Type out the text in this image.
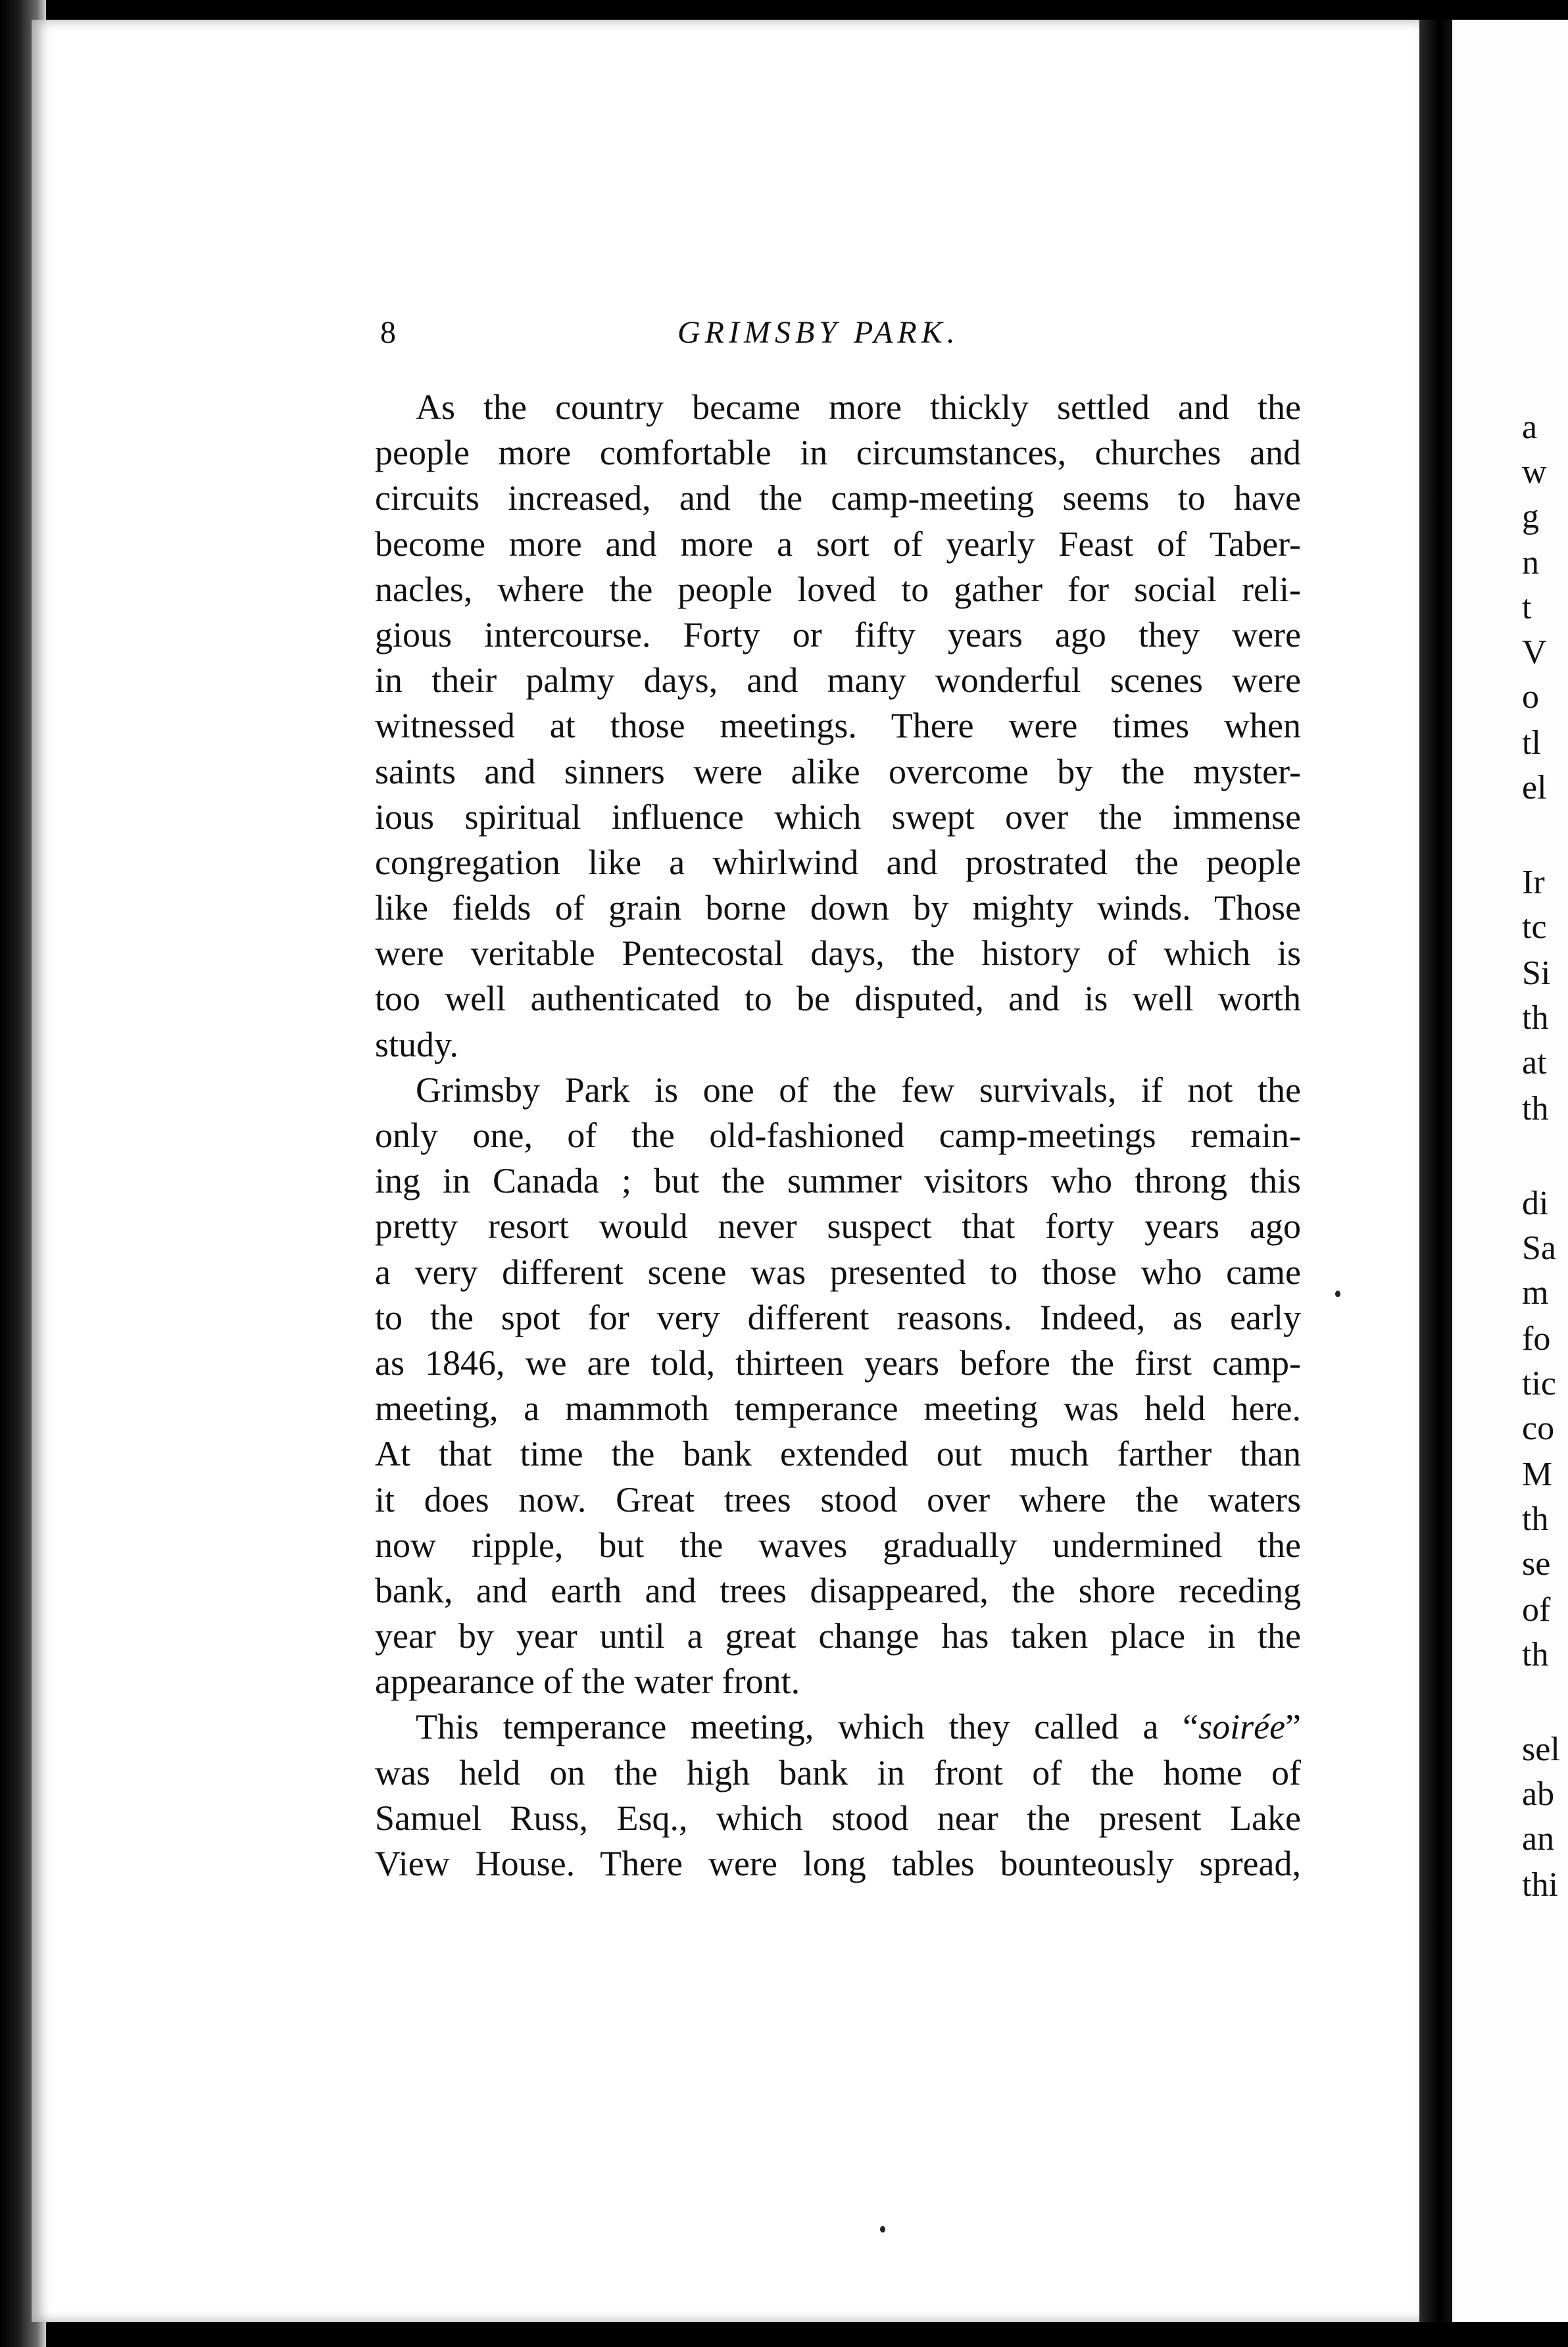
8	GRIMSBY PARK.
As the country became more thickly settled and the
people more comfortable in circumstances, churches and
circuits increased, and the camp-meeting seems to have
become more and more a sort of yearly Feast of Taber-
nacles, where the people loved to gather for social reli-
gious intercourse. Forty or fifty years ago they were
in their palmy days, and many wonderful scenes were
witnessed at those meetings. There were times when
saints and sinners were alike overcome by the myster-
ious spiritual influence which swept over the immense
congregation like a whirlwind and prostrated the people
like fields of grain borne down by mighty winds. Those
were veritable Pentecostal days, the history of which is
too well authenticated to be disputed, and is well worth
study.
Grimsby Park is one of the few survivals, if not the
only one, of the old-fashioned camp-meetings remain-
ing in Canada ; but the summer visitors who throng this
pretty resort would never suspect that forty years ago
a very different scene was presented to those who came
to the spot for very different reasons. Indeed, as early
as 1846, we are told, thirteen years before the first camp-
meeting, a mammoth temperance meeting was held here.
At that time the bank extended out much farther than
it does now. Great trees stood over where the waters
now ripple, but the waves gradually undermined the
bank, and earth and trees disappeared, the shore receding
year by year until a great change has taken place in the
appearance of the water front.
This temperance meeting, which they called a “soirée”
was held on the high bank in front of the home of
Samuel Russ, Esq., which stood near the present Lake
View House. There were long tables bounteously spread,
a
w
g
n
t
V
o
tl
el
Ir
tc
Si
th
at
th
di
Sa
m
fo
tic
co
M
th
se
of
th
sel
ab
an
thi
